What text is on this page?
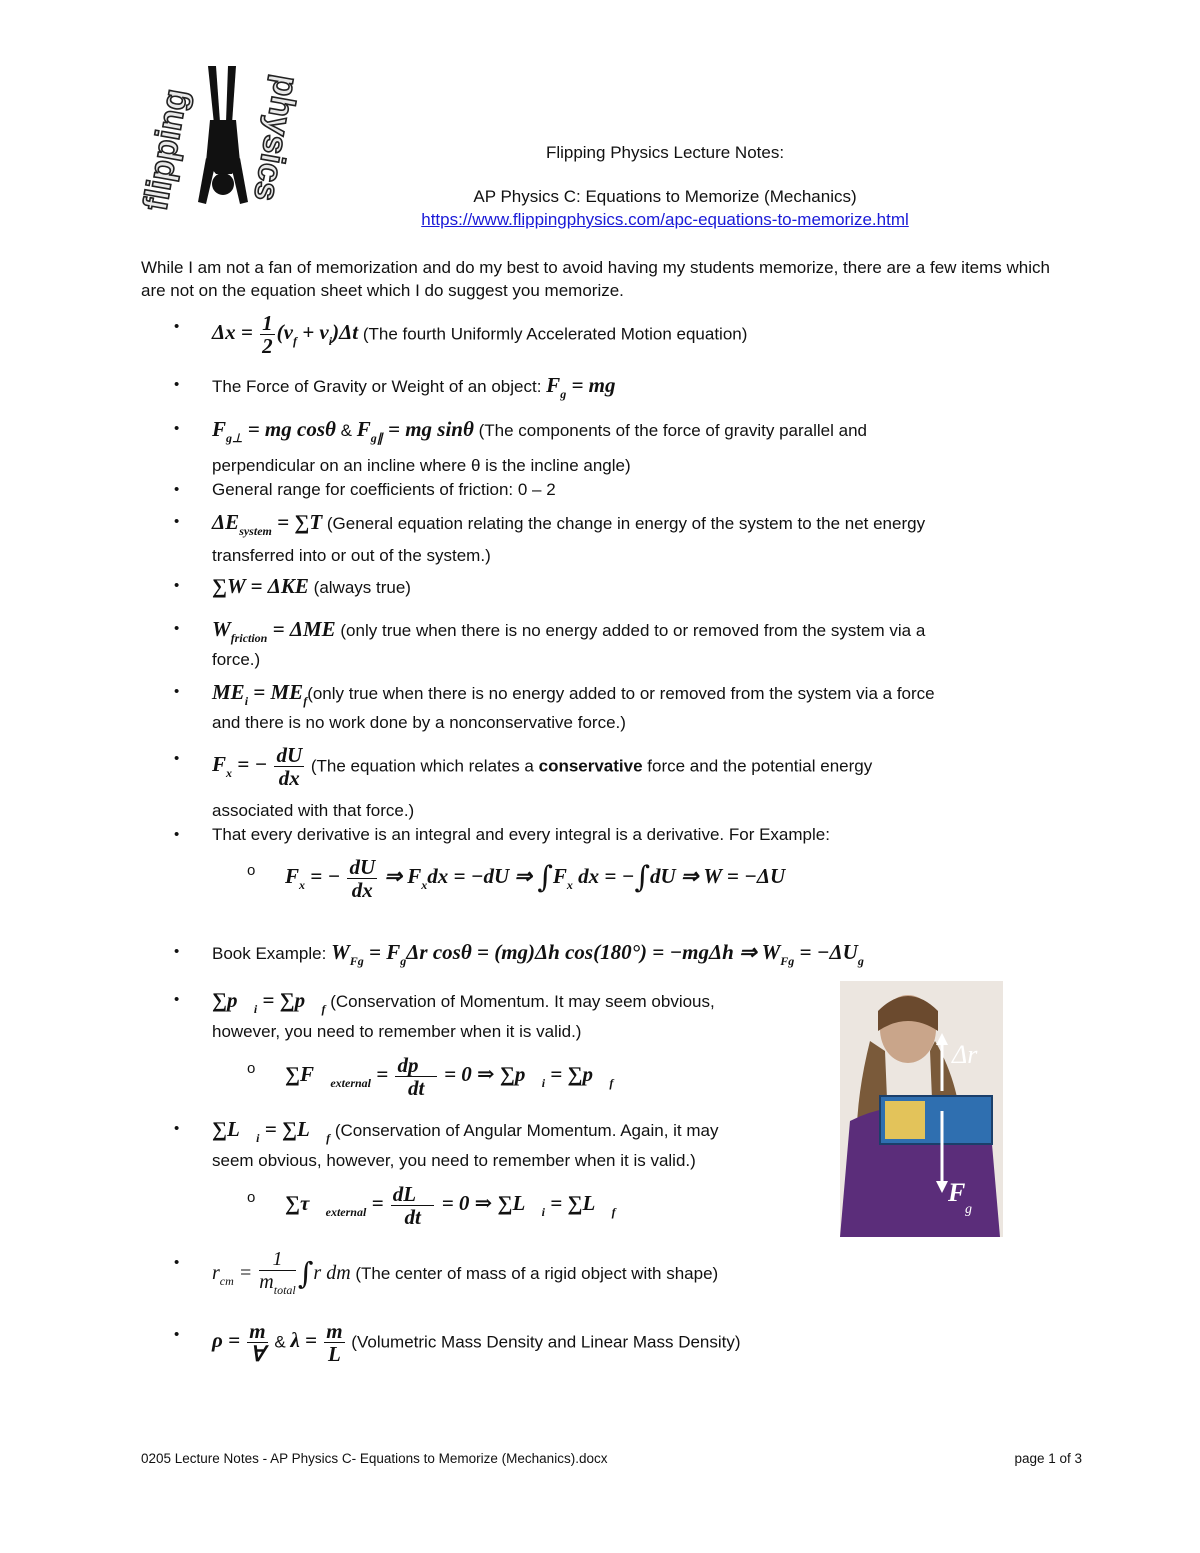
flipping physics	Flipping Physics Lecture Notes:
AP Physics C: Equations to Memorize (Mechanics)
https://www.flippingphysics.com/apc-equations-to-memorize.html
While I am not a fan of memorization and do my best to avoid having my students memorize, there are a few items which are not on the equation sheet which I do suggest you memorize.
• $\Delta x = \frac{1}{2} (v_f + v_i)\Delta t$ (The fourth Uniformly Accelerated Motion equation)
• The Force of Gravity or Weight of an object: $F_g$ = mg
• $F_{g\perp}$ = mg cosθ & $F_{g\parallel}$ = mg sinθ (The components of the force of gravity parallel and
perpendicular on an incline where θ is the incline angle)
• General range for coefficients of friction: 0 – 2
• $\Delta E_{system} = \sum T$ (General equation relating the change in energy of the system to the net energy
transferred into or out of the system.)
• ∑W = ΔKE (always true)
• $W_{friction} = \Delta ME$ (only true when there is no energy added to or removed from the system via a
force.)
• $ME_i$ = $ME_f(only$ true when there is no energy added to or removed from the system via a force
and there is no work done by a nonconservative force.)
• $F_x$ = − $\frac{dU}{dx} (The$ equation which relates a conservative force and the potential energy
associated with that force.)
• That every derivative is an integral and every integral is a derivative. For Example:
o $F_x$ = − $\frac{dU}{dx}$ ⇒ $F_xdx = -dU$ ⇒ $\int F_x$ dx = −∫dU ⇒ W = −ΔU
• Book Example: $W_{Fg} = F_g\Delta r$ cosθ = (mg)Δh cos(180°) = −mgΔh ⇒ $W_{Fg} = -\Delta U_g$
• $\sum p⃗_i$ = $\sum p⃗_f$ (Conservation of Momentum. It may seem obvious,
however, you need to remember when it is valid.)
o $\sum F⃗_{external} = \frac{dp⃗}{dt} = 0$ ⇒ $\sum p⃗_i$ = $\sum p⃗_f$
• $\sum L⃗_i$ = $\sum L⃗_f$ (Conservation of Angular Momentum. Again, it may
seem obvious, however, you need to remember when it is valid.)
o $\sum\tau⃗_{external} = \frac{dL⃗}{dt} = 0$ ⇒ $\sum L⃗_i$ = $\sum L⃗_f$
• $r_{cm} = \frac{1}{m_{total}} \int r$ dm (The center of mass of a rigid object with shape)
• $\rho = \frac{m}{\forall}$ & $\lambda = \frac{m}{L}$ (Volumetric Mass Density and Linear Mass Density)
Δr
F
g
0205 Lecture Notes - AP Physics C- Equations to Memorize (Mechanics).docx	page 1 of 3
